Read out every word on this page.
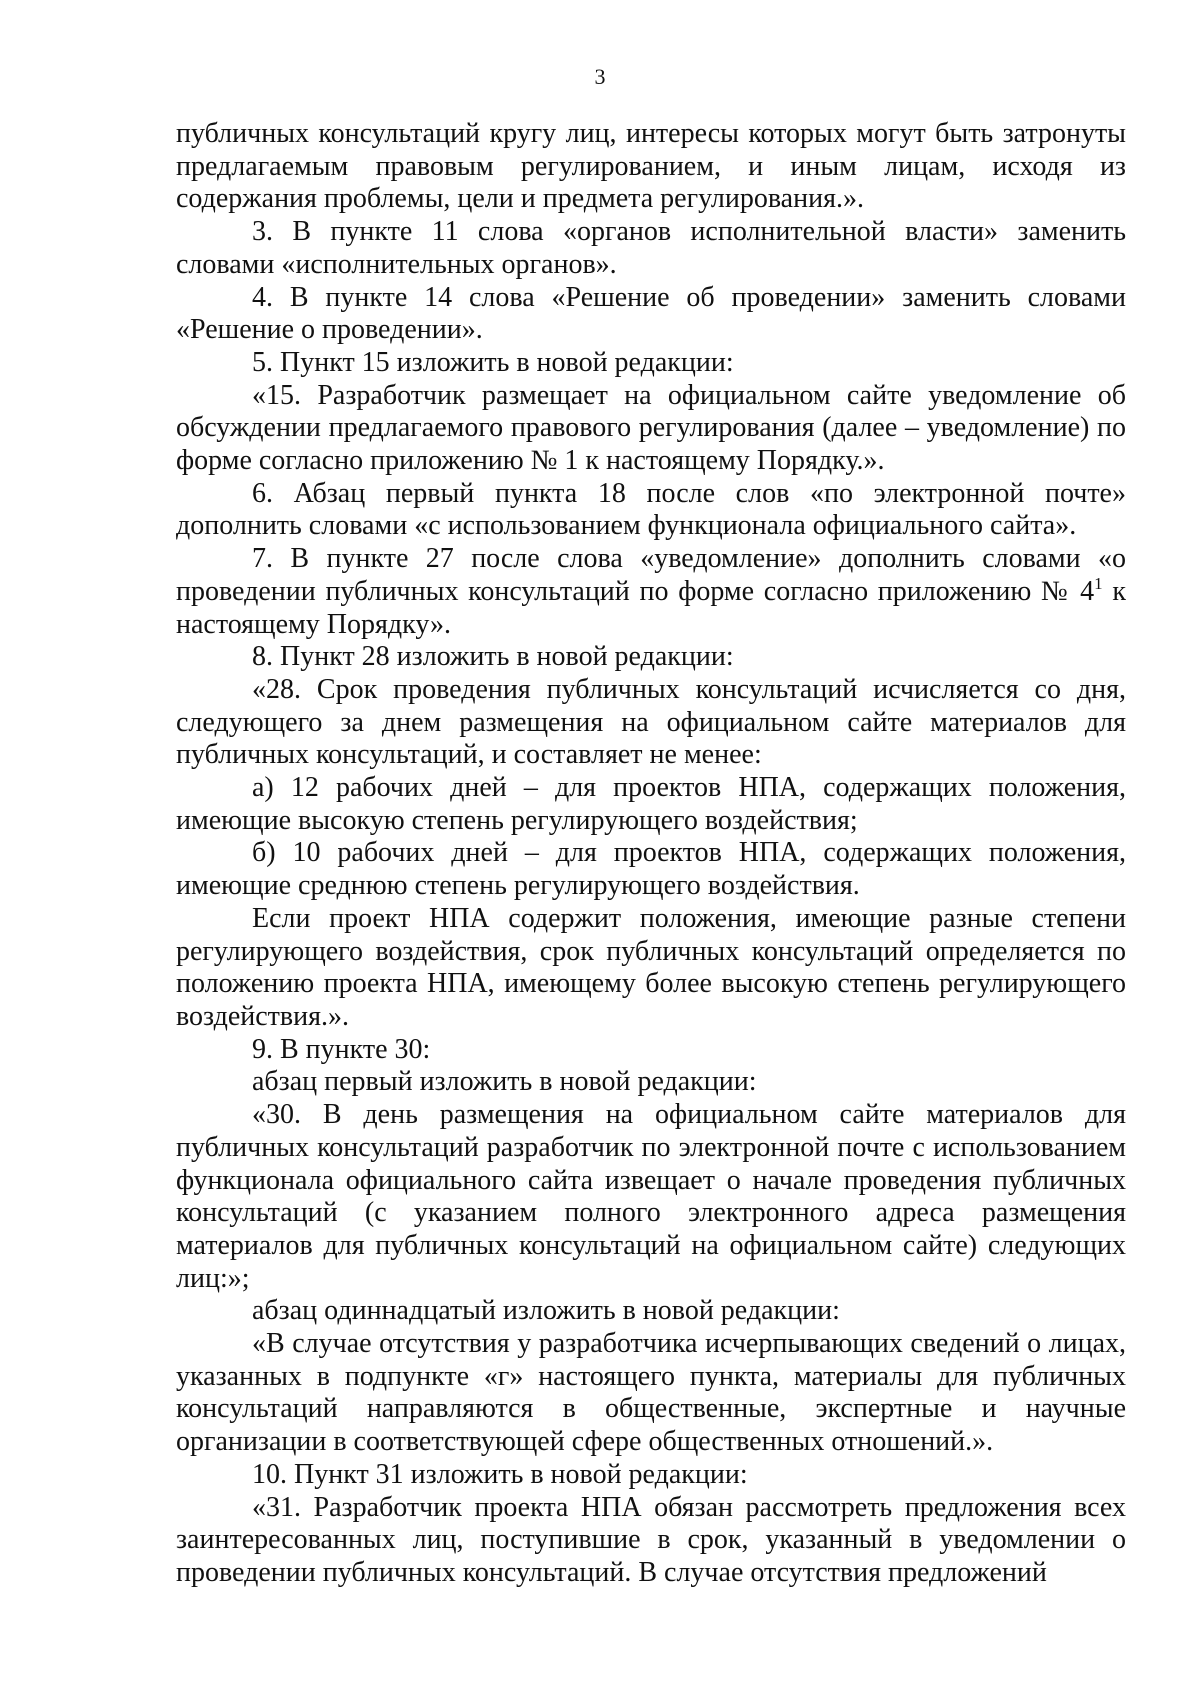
3

публичных консультаций кругу лиц, интересы которых могут быть затронуты предлагаемым правовым регулированием, и иным лицам, исходя из содержания проблемы, цели и предмета регулирования.».

3. В пункте 11 слова «органов исполнительной власти» заменить словами «исполнительных органов».

4. В пункте 14 слова «Решение об проведении» заменить словами «Решение о проведении».

5. Пункт 15 изложить в новой редакции:

«15. Разработчик размещает на официальном сайте уведомление об обсуждении предлагаемого правового регулирования (далее – уведомление) по форме согласно приложению № 1 к настоящему Порядку.».

6. Абзац первый пункта 18 после слов «по электронной почте» дополнить словами «с использованием функционала официального сайта».

7. В пункте 27 после слова «уведомление» дополнить словами «о проведении публичных консультаций по форме согласно приложению № $4^1$ к настоящему Порядку».

8. Пункт 28 изложить в новой редакции:

«28. Срок проведения публичных консультаций исчисляется со дня, следующего за днем размещения на официальном сайте материалов для публичных консультаций, и составляет не менее:

а) 12 рабочих дней – для проектов НПА, содержащих положения, имеющие высокую степень регулирующего воздействия;

б) 10 рабочих дней – для проектов НПА, содержащих положения, имеющие среднюю степень регулирующего воздействия.

Если проект НПА содержит положения, имеющие разные степени регулирующего воздействия, срок публичных консультаций определяется по положению проекта НПА, имеющему более высокую степень регулирующего воздействия.».

9. В пункте 30:

абзац первый изложить в новой редакции:

«30. В день размещения на официальном сайте материалов для публичных консультаций разработчик по электронной почте с использованием функционала официального сайта извещает о начале проведения публичных консультаций (с указанием полного электронного адреса размещения материалов для публичных консультаций на официальном сайте) следующих лиц:»;

абзац одиннадцатый изложить в новой редакции:

«В случае отсутствия у разработчика исчерпывающих сведений о лицах, указанных в подпункте «г» настоящего пункта, материалы для публичных консультаций направляются в общественные, экспертные и научные организации в соответствующей сфере общественных отношений.».

10. Пункт 31 изложить в новой редакции:

«31. Разработчик проекта НПА обязан рассмотреть предложения всех заинтересованных лиц, поступившие в срок, указанный в уведомлении о проведении публичных консультаций. В случае отсутствия предложений
